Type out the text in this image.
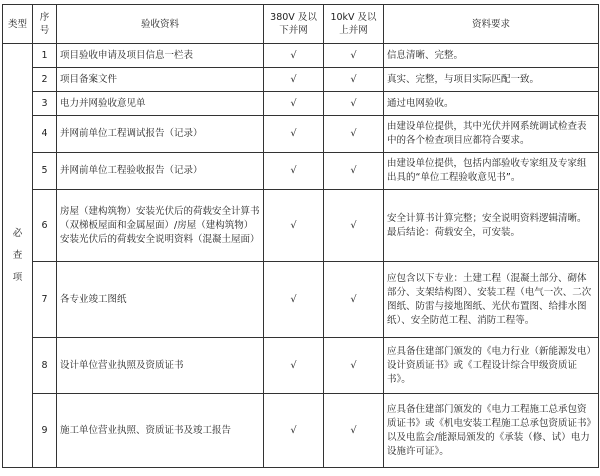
类型	序号	验收资料	380V 及以下并网	10kV 及以上并网	资料要求

必查项	1	项目验收申请及项目信息一栏表	√	√	信息清晰、完整。
	2	项目备案文件	√	√	真实、完整，与项目实际匹配一致。
	3	电力并网验收意见单	√	√	通过电网验收。
	4	并网前单位工程调试报告（记录）	√	√	由建设单位提供，其中光伏并网系统调试检查表中的各个检查项目应都符合要求。
	5	并网前单位工程验收报告（记录）	√	√	由建设单位提供，包括内部验收专家组及专家组出具的“单位工程验收意见书”。
	6	房屋（建构筑物）安装光伏后的荷载安全计算书（双梯板屋面和金属屋面）/房屋（建构筑物）安装光伏后的荷载安全说明资料（混凝土屋面）	√	√	安全计算书计算完整；安全说明资料逻辑清晰。最后结论：荷载安全，可安装。
	7	各专业竣工图纸	√	√	应包含以下专业：土建工程（混凝土部分、砌体部分、支架结构图）、安装工程（电气一次、二次图纸、防雷与接地图纸、光伏布置图、给排水图纸）、安全防范工程、消防工程等。
	8	设计单位营业执照及资质证书	√	√	应具备住建部门颁发的《电力行业（新能源发电）设计资质证书》或《工程设计综合甲级资质证书》。
	9	施工单位营业执照、资质证书及竣工报告	√	√	应具备住建部门颁发的《电力工程施工总承包资质证书》或《机电安装工程施工总承包资质证书》以及电监会/能源局颁发的《承装（修、试）电力设施许可证》。
